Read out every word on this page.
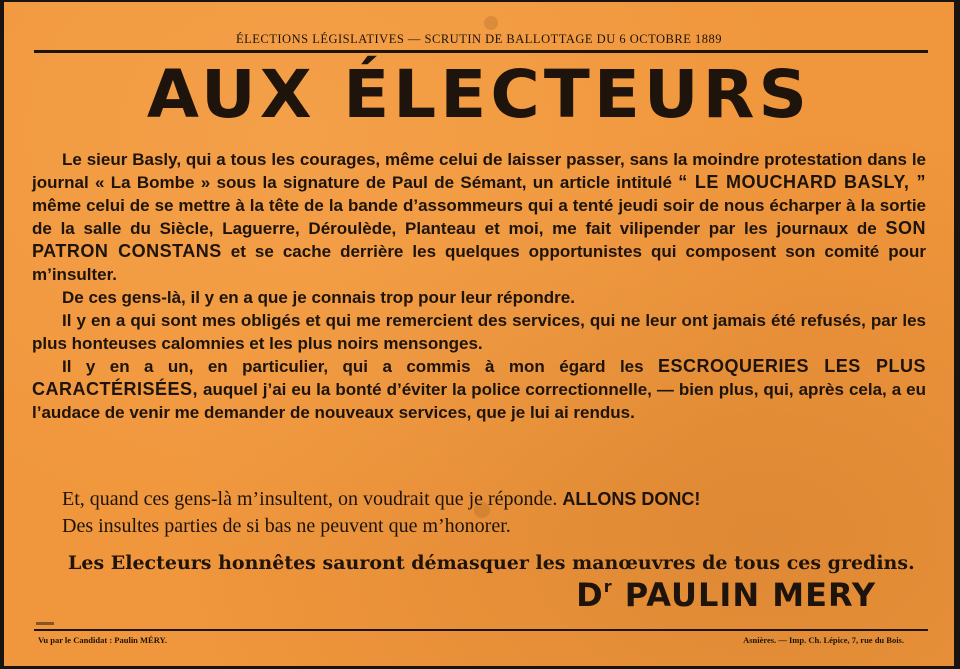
ÉLECTIONS LÉGISLATIVES — SCRUTIN DE BALLOTTAGE DU 6 OCTOBRE 1889
AUX ÉLECTEURS

Le sieur Basly, qui a tous les courages, même celui de laisser passer, sans la moindre protestation dans le journal « La Bombe » sous la signature de Paul de Sémant, un article intitulé “ LE MOUCHARD BASLY, ” même celui de se mettre à la tête de la bande d’assommeurs qui a tenté jeudi soir de nous écharper à la sortie de la salle du Siècle, Laguerre, Déroulède, Planteau et moi, me fait vilipender par les journaux de SON PATRON CONSTANS et se cache derrière les quelques opportunistes qui composent son comité pour m’insulter.

De ces gens-là, il y en a que je connais trop pour leur répondre.

Il y en a qui sont mes obligés et qui me remercient des services, qui ne leur ont jamais été refusés, par les plus honteuses calomnies et les plus noirs mensonges.

Il y en a un, en particulier, qui a commis à mon égard les ESCROQUERIES LES PLUS CARACTÉRISÉES, auquel j’ai eu la bonté d’éviter la police correctionnelle, — bien plus, qui, après cela, a eu l’audace de venir me demander de nouveaux services, que je lui ai rendus.

Et, quand ces gens-là m’insultent, on voudrait que je réponde. ALLONS DONC!

Des insultes parties de si bas ne peuvent que m’honorer.

Les Electeurs honnêtes sauront démasquer les manœuvres de tous ces gredins.

$D^r$ PAULIN MERY
Vu par le Candidat : Paulin MÉRY.	Asnières. — Imp. Ch. Lépice, 7, rue du Bois.
